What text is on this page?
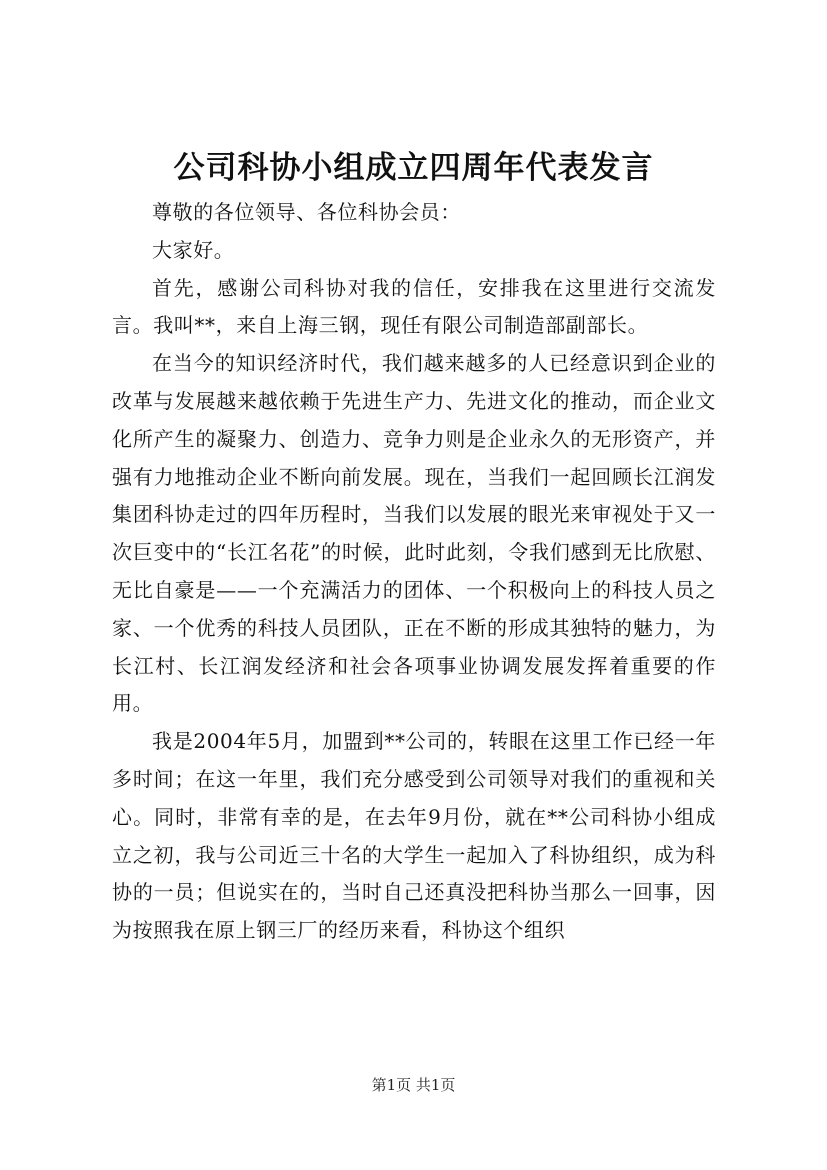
公司科协小组成立四周年代表发言

尊敬的各位领导、各位科协会员：

大家好。

首先，感谢公司科协对我的信任，安排我在这里进行交流发言。我叫**，来自上海三钢，现任有限公司制造部副部长。

在当今的知识经济时代，我们越来越多的人已经意识到企业的改革与发展越来越依赖于先进生产力、先进文化的推动，而企业文化所产生的凝聚力、创造力、竞争力则是企业永久的无形资产，并强有力地推动企业不断向前发展。现在，当我们一起回顾长江润发集团科协走过的四年历程时，当我们以发展的眼光来审视处于又一次巨变中的“长江名花”的时候，此时此刻，令我们感到无比欣慰、无比自豪是——一个充满活力的团体、一个积极向上的科技人员之家、一个优秀的科技人员团队，正在不断的形成其独特的魅力，为长江村、长江润发经济和社会各项事业协调发展发挥着重要的作用。

我是2004年5月，加盟到**公司的，转眼在这里工作已经一年多时间；在这一年里，我们充分感受到公司领导对我们的重视和关心。同时，非常有幸的是，在去年9月份，就在**公司科协小组成立之初，我与公司近三十名的大学生一起加入了科协组织，成为科协的一员；但说实在的，当时自己还真没把科协当那么一回事，因为按照我在原上钢三厂的经历来看，科协这个组织

第1页 共1页
